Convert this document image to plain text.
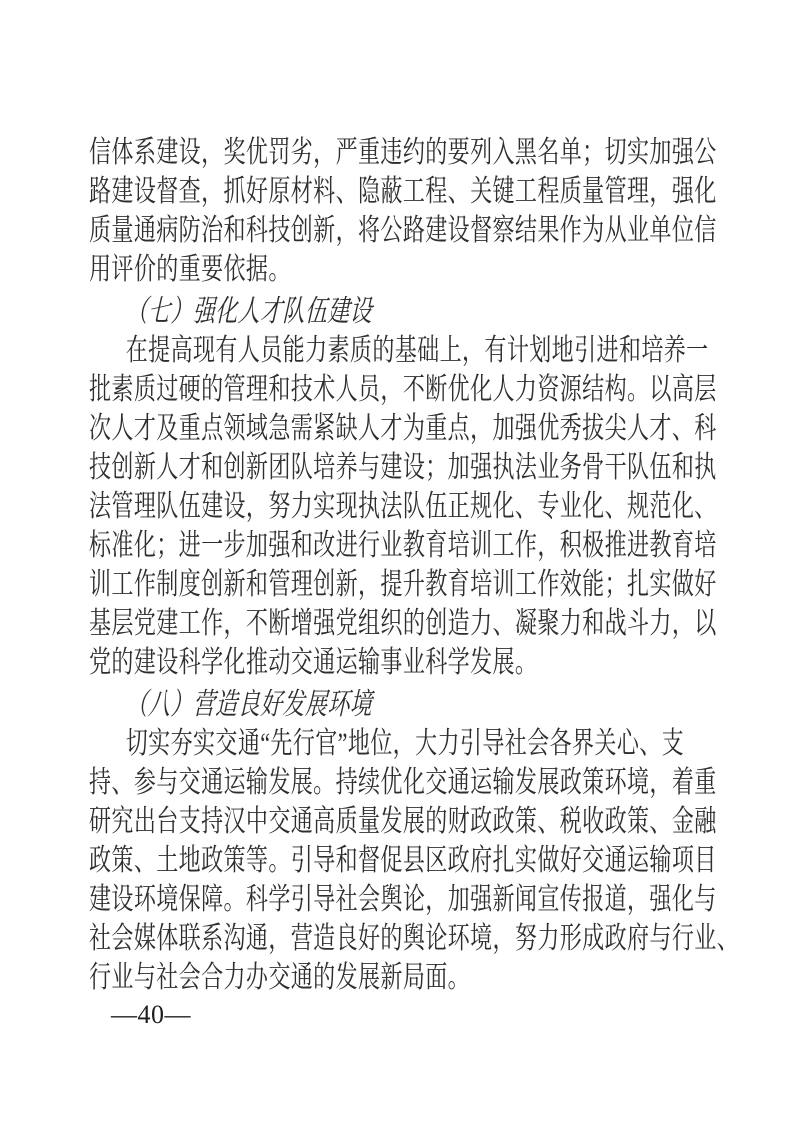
信体系建设，奖优罚劣，严重违约的要列入黑名单；切实加强公
路建设督查，抓好原材料、隐蔽工程、关键工程质量管理，强化
质量通病防治和科技创新，将公路建设督察结果作为从业单位信
用评价的重要依据。
（七）强化人才队伍建设
在提高现有人员能力素质的基础上，有计划地引进和培养一
批素质过硬的管理和技术人员，不断优化人力资源结构。以高层
次人才及重点领域急需紧缺人才为重点，加强优秀拔尖人才、科
技创新人才和创新团队培养与建设；加强执法业务骨干队伍和执
法管理队伍建设，努力实现执法队伍正规化、专业化、规范化、
标准化；进一步加强和改进行业教育培训工作，积极推进教育培
训工作制度创新和管理创新，提升教育培训工作效能；扎实做好
基层党建工作，不断增强党组织的创造力、凝聚力和战斗力，以
党的建设科学化推动交通运输事业科学发展。
（八）营造良好发展环境
切实夯实交通“先行官”地位，大力引导社会各界关心、支
持、参与交通运输发展。持续优化交通运输发展政策环境，着重
研究出台支持汉中交通高质量发展的财政政策、税收政策、金融
政策、土地政策等。引导和督促县区政府扎实做好交通运输项目
建设环境保障。科学引导社会舆论，加强新闻宣传报道，强化与
社会媒体联系沟通，营造良好的舆论环境，努力形成政府与行业、
行业与社会合力办交通的发展新局面。
—40—
